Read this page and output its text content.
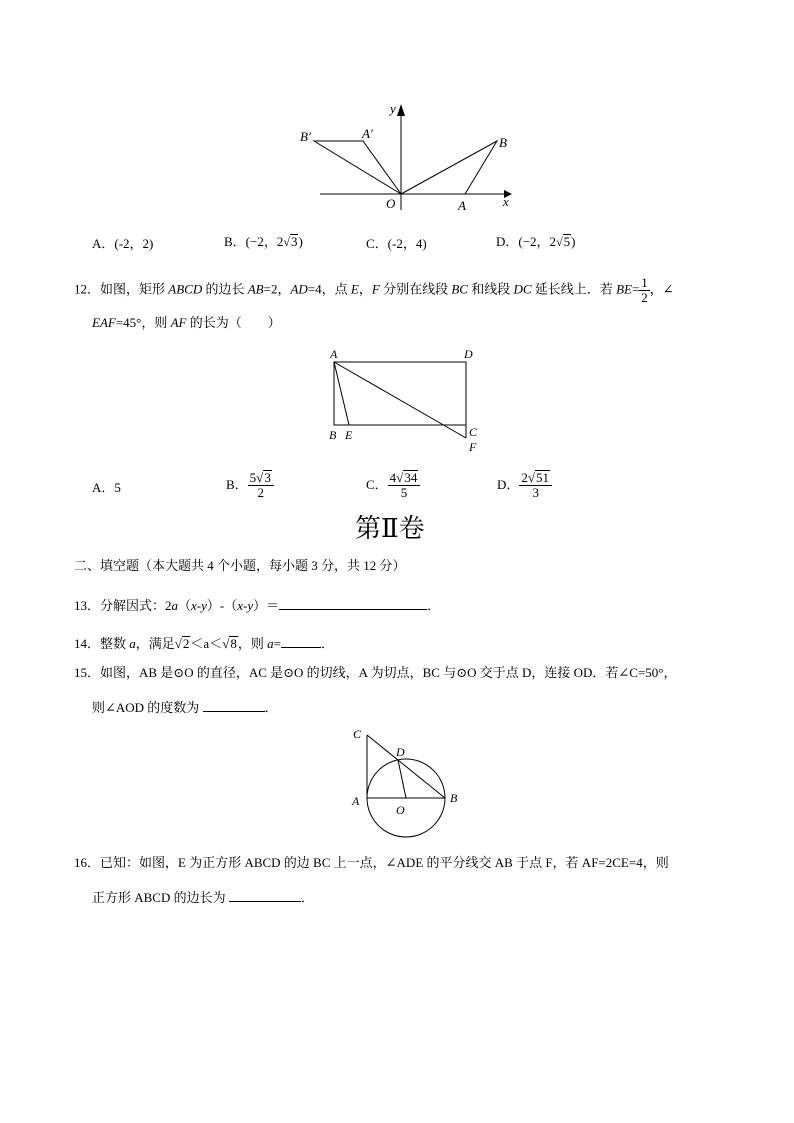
y
x
O	A
B
A′
B′
A．(-2，2)	B．(−2，2√3)	C．(-2，4)	D．(−2，2√5)
12．如图，矩形 ABCD 的边长 AB=2，AD=4，点 E，F 分别在线段 BC 和线段 DC 延长线上．若 $BE= \frac{1}{2}$ ，∠
EAF=45°，则 AF 的长为（　　）
A	D
B E	C
F
A．5	B． $\frac{5√3}{2}$	C． $\frac{4√34}{5}$	D． $\frac{2√51}{3}$
第Ⅱ卷
二、填空题（本大题共 4 个小题，每小题 3 分，共 12 分）
13．分解因式：2a（x-y）-（x-y）＝	．
14．整数 a，满足√2＜a＜√8，则 a=	．
15．如图，AB 是⊙O 的直径，AC 是⊙O 的切线，A 为切点，BC 与⊙O 交于点 D，连接 OD．若∠C=50°，
则∠AOD 的度数为	．
C
D
A
O
B
16．已知：如图，E 为正方形 ABCD 的边 BC 上一点，∠ADE 的平分线交 AB 于点 F，若 AF=2CE=4，则
正方形 ABCD 的边长为	．
